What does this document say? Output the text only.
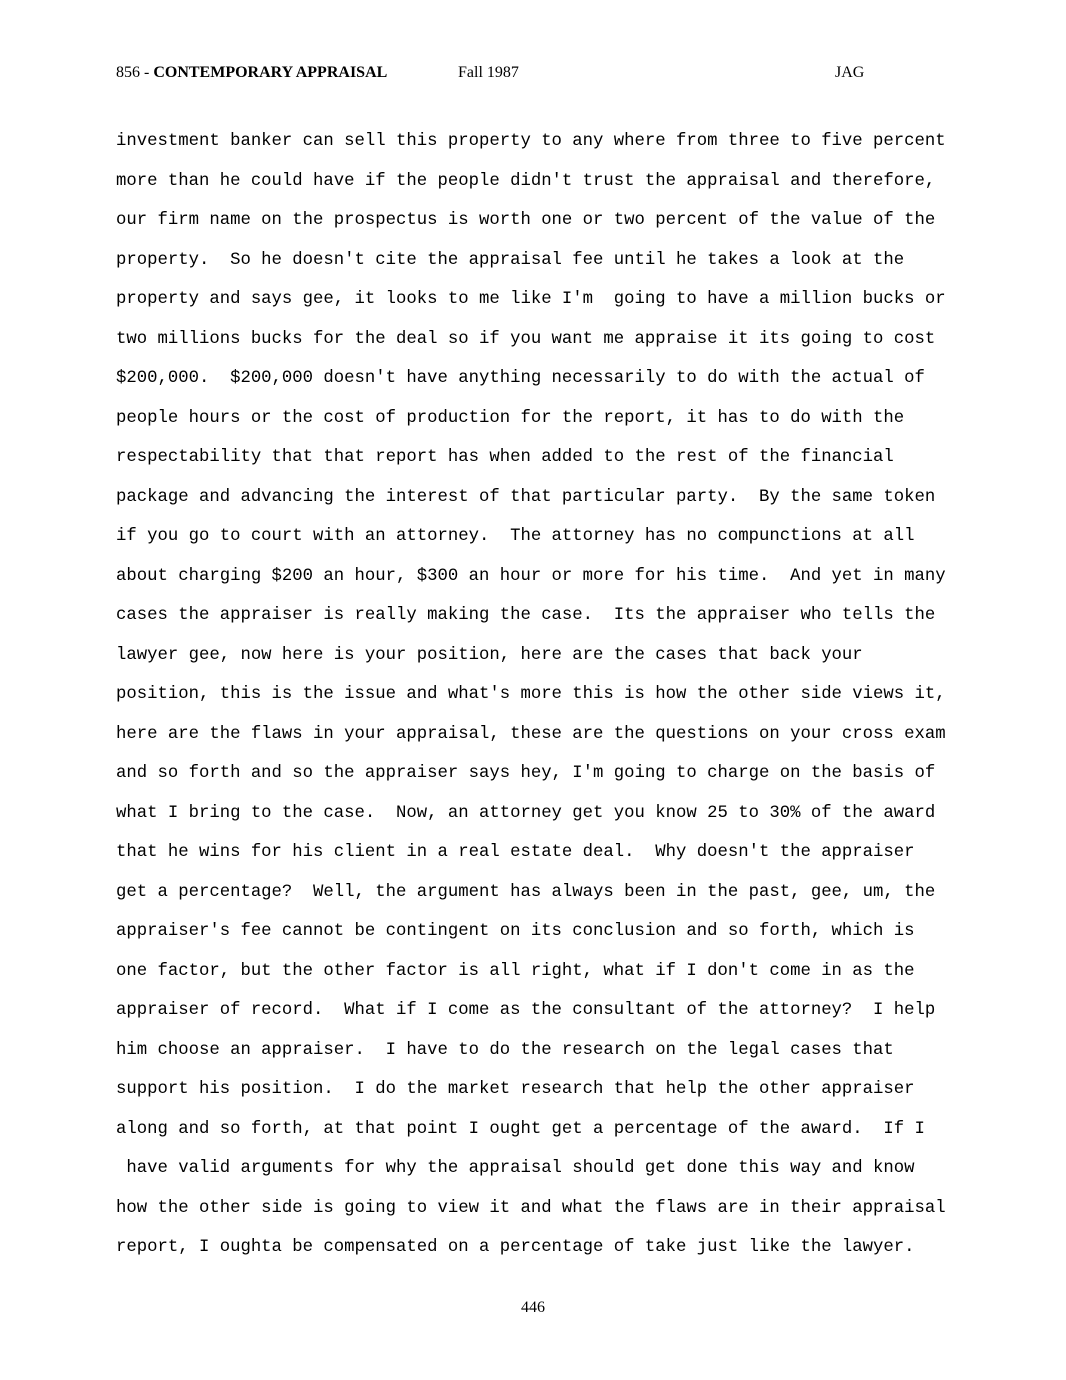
856 - CONTEMPORARY APPRAISAL	Fall 1987	JAG
investment banker can sell this property to any where from three to five percent
more than he could have if the people didn't trust the appraisal and therefore,
our firm name on the prospectus is worth one or two percent of the value of the
property.  So he doesn't cite the appraisal fee until he takes a look at the
property and says gee, it looks to me like I'm  going to have a million bucks or
two millions bucks for the deal so if you want me appraise it its going to cost
$200,000.  $200,000 doesn't have anything necessarily to do with the actual of
people hours or the cost of production for the report, it has to do with the
respectability that that report has when added to the rest of the financial
package and advancing the interest of that particular party.  By the same token
if you go to court with an attorney.  The attorney has no compunctions at all
about charging $200 an hour, $300 an hour or more for his time.  And yet in many
cases the appraiser is really making the case.  Its the appraiser who tells the
lawyer gee, now here is your position, here are the cases that back your
position, this is the issue and what's more this is how the other side views it,
here are the flaws in your appraisal, these are the questions on your cross exam
and so forth and so the appraiser says hey, I'm going to charge on the basis of
what I bring to the case.  Now, an attorney get you know 25 to 30% of the award
that he wins for his client in a real estate deal.  Why doesn't the appraiser
get a percentage?  Well, the argument has always been in the past, gee, um, the
appraiser's fee cannot be contingent on its conclusion and so forth, which is
one factor, but the other factor is all right, what if I don't come in as the
appraiser of record.  What if I come as the consultant of the attorney?  I help
him choose an appraiser.  I have to do the research on the legal cases that
support his position.  I do the market research that help the other appraiser
along and so forth, at that point I ought get a percentage of the award.  If I
have valid arguments for why the appraisal should get done this way and know
how the other side is going to view it and what the flaws are in their appraisal
report, I oughta be compensated on a percentage of take just like the lawyer.
446
